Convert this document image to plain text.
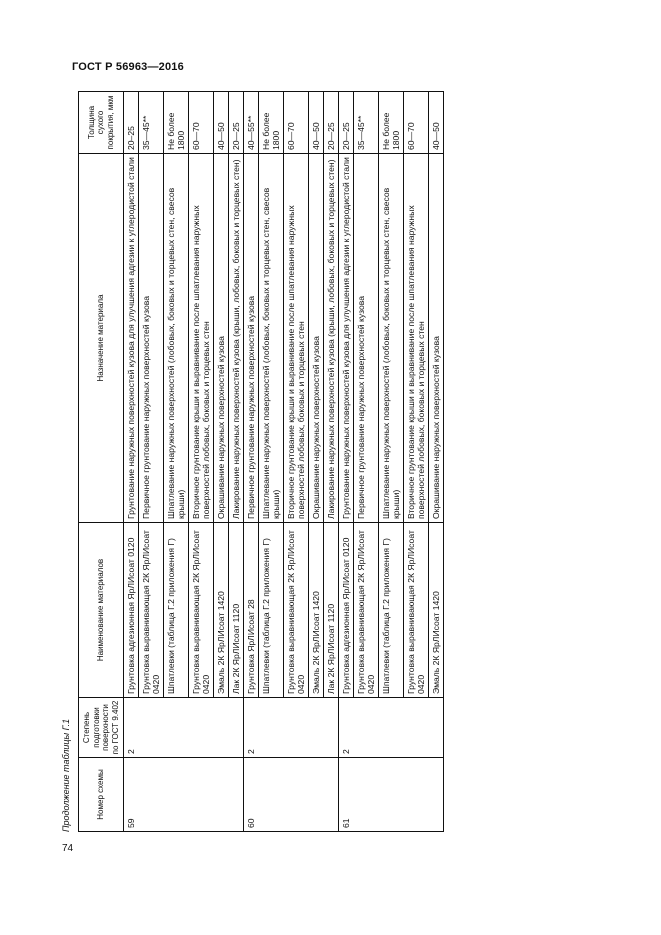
ГОСТ Р 56963—2016
Продолжение таблицы Г.1	Номер схемы	Степень подготовки поверхности по ГОСТ 9.402	Наименование материалов	Назначение материала	Толщина сухого покрытия, мкм
59	2	Грунтовка адгезионная ЯрЛИсоат 0120	Грунтование наружных поверхностей кузова для улучшения адгезии к углеродистой стали	20–25
		Грунтовка выравнивающая 2К ЯрЛИсоат 0420	Первичное грунтование наружных поверхностей кузова	35—45**
		Шпатлевки (таблица Г.2 приложения Г)	Шпатлевание наружных поверхностей (лобовых, боковых и торцевых стен, свесов крыши)	Не более 1800
		Грунтовка выравнивающая 2К ЯрЛИсоат 0420	Вторичное грунтование крыши и выравнивание после шпатлевания наружных поверхностей лобовых, боковых и торцевых стен	60—70
		Эмаль 2К ЯрЛИсоат 1420	Окрашивание наружных поверхностей кузова	40—50
		Лак 2К ЯрЛИсоат 1120	Лакирование наружных поверхностей кузова (крыши, лобовых, боковых и торцевых стен)	20—25
60	2	Грунтовка ЯрЛИсоат 28	Первичное грунтование наружных поверхностей кузова	40—55**
		Шпатлевки (таблица Г.2 приложения Г)	Шпатлевание наружных поверхностей (лобовых, боковых и торцевых стен, свесов крыши)	Не более 1800
		Грунтовка выравнивающая 2К ЯрЛИсоат 0420	Вторичное грунтование крыши и выравнивание после шпатлевания наружных поверхностей лобовых, боковых и торцевых стен	60—70
		Эмаль 2К ЯрЛИсоат 1420	Окрашивание наружных поверхностей кузова	40—50
		Лак 2К ЯрЛИсоат 1120	Лакирование наружных поверхностей кузова (крыши, лобовых, боковых и торцевых стен)	20—25
61	2	Грунтовка адгезионная ЯрЛИсоат 0120	Грунтование наружных поверхностей кузова для улучшения адгезии к углеродистой стали	20—25
		Грунтовка выравнивающая 2К ЯрЛИсоат 0420	Первичное грунтование наружных поверхностей кузова	35—45**
		Шпатлевки (таблица Г.2 приложения Г)	Шпатлевание наружных поверхностей (лобовых, боковых и торцевых стен, свесов крыши)	Не более 1800
		Грунтовка выравнивающая 2К ЯрЛИсоат 0420	Вторичное грунтование крыши и выравнивание после шпатлевания наружных поверхностей лобовых, боковых и торцевых стен	60—70
		Эмаль 2К ЯрЛИсоат 1420	Окрашивание наружных поверхностей кузова	40—50
74
